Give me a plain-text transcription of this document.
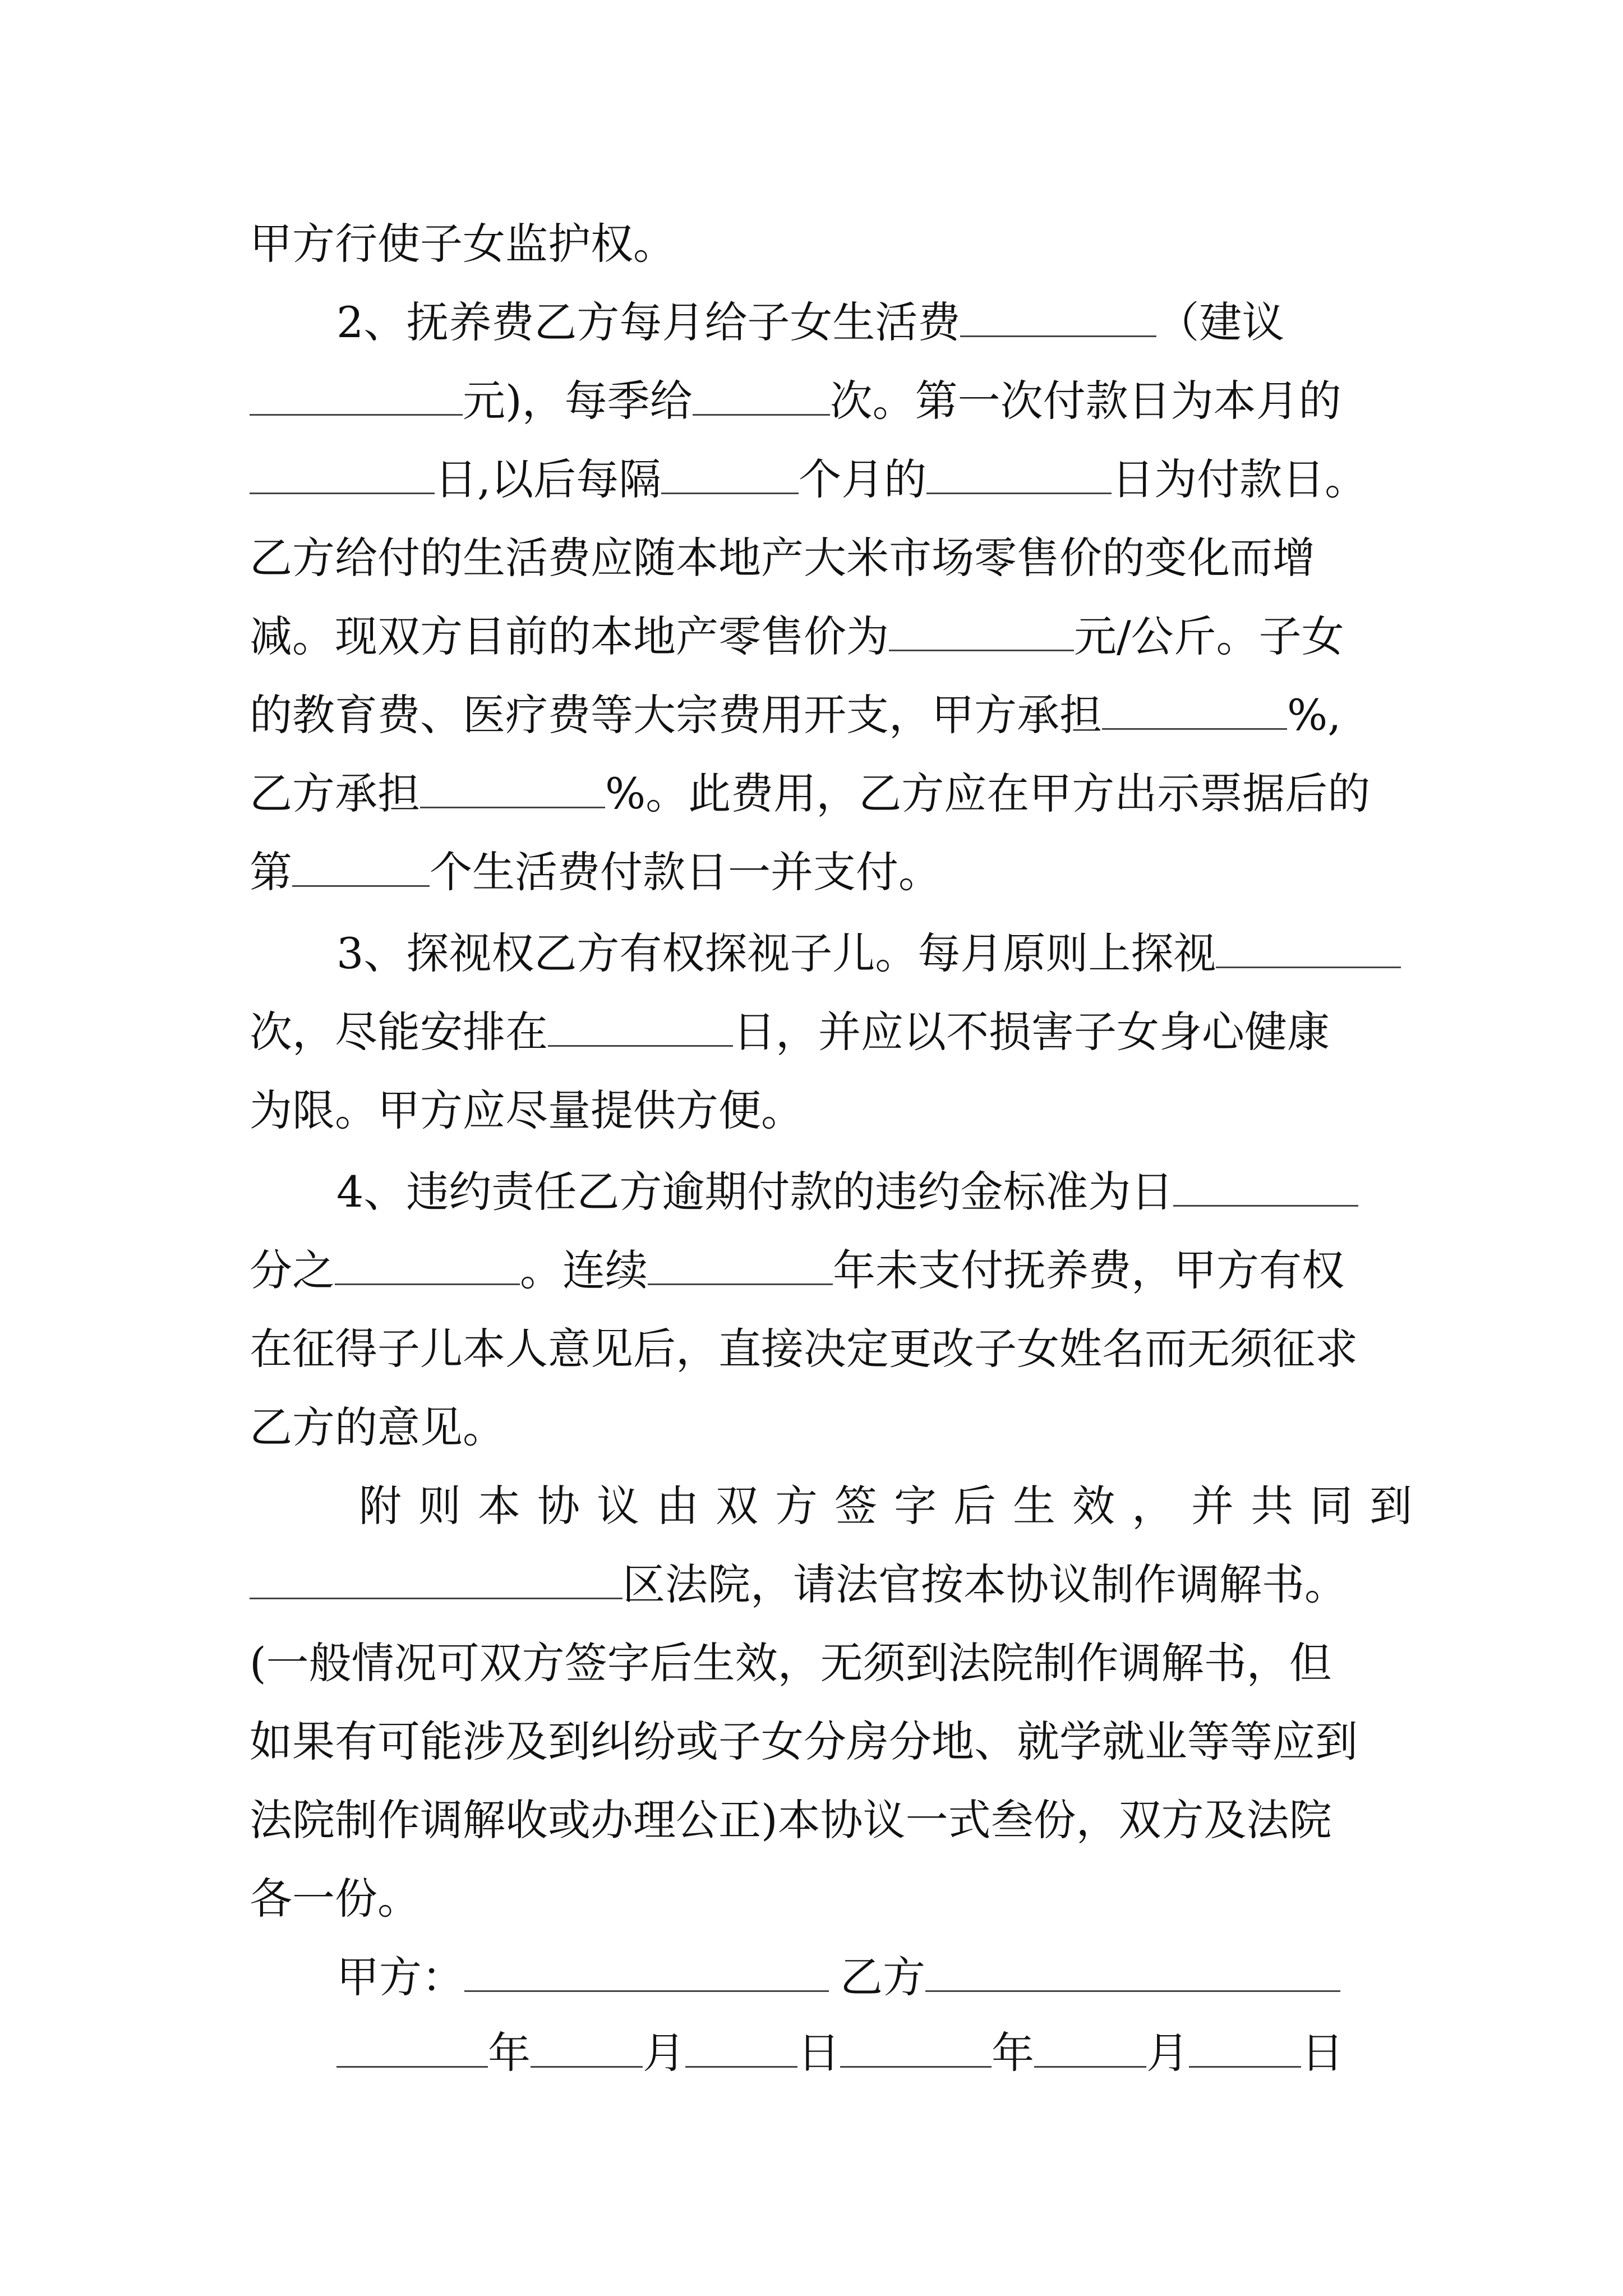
甲方行使子女监护权。
2、抚养费乙方每月给子女生活费	（建议
元)，每季给	次。第一次付款日为本月的
日,以后每隔	个月的	日为付款日。
乙方给付的生活费应随本地产大米市场零售价的变化而增
减。现双方目前的本地产零售价为	元/公斤。子女
的教育费、医疗费等大宗费用开支，甲方承担	%,
乙方承担	%。此费用，乙方应在甲方出示票据后的
第	个生活费付款日一并支付。
3、探视权乙方有权探视子儿。每月原则上探视
次，尽能安排在	日，并应以不损害子女身心健康
为限。甲方应尽量提供方便。
4、违约责任乙方逾期付款的违约金标准为日
分之	。连续	年未支付抚养费，甲方有权
在征得子儿本人意见后，直接决定更改子女姓名而无须征求
乙方的意见。
附则本协议由双方签字后生效，并共同到
区法院，请法官按本协议制作调解书。
(一般情况可双方签字后生效，无须到法院制作调解书，但
如果有可能涉及到纠纷或子女分房分地、就学就业等等应到
法院制作调解收或办理公正)本协议一式叁份，双方及法院
各一份。
甲方：	乙方
年	月	日	年	月	日
